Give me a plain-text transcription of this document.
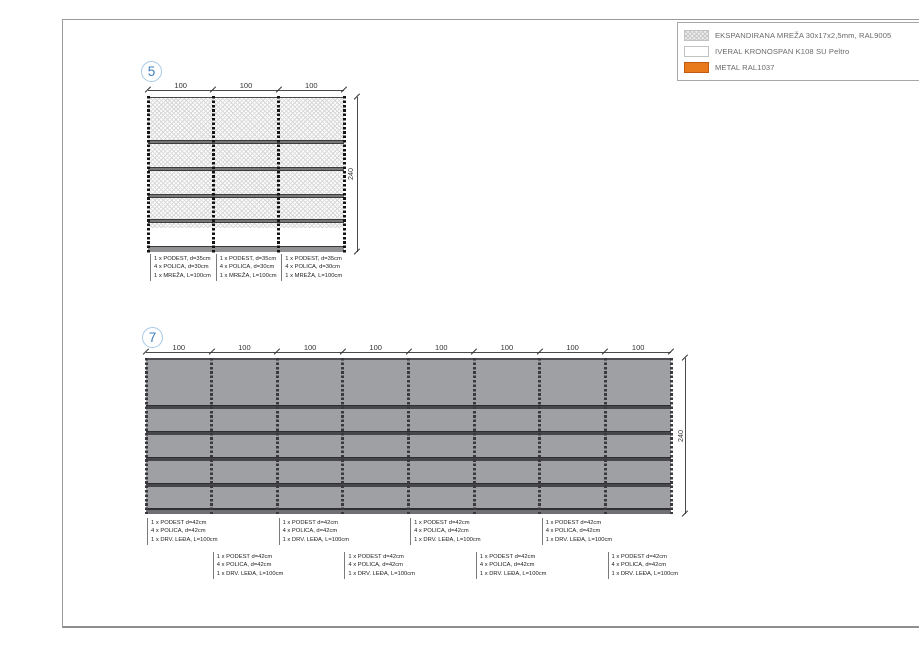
EKSPANDIRANA MREŽA 30x17x2,5mm, RAL9005
IVERAL KRONOSPAN K108 SU Peltro
METAL RAL1037
5
100	100	100
240
1 x PODEST, d=35cm
4 x POLICA, d=30cm
1 x MREŽA, L=100cm
1 x PODEST, d=35cm
4 x POLICA, d=30cm
1 x MREŽA, L=100cm
1 x PODEST, d=35cm
4 x POLICA, d=30cm
1 x MREŽA, L=100cm
7
100	100	100	100	100	100	100	100
240
1 x PODEST d=42cm
4 x POLICA, d=42cm
1 x DRV. LEĐA, L=100cm
1 x PODEST d=42cm
4 x POLICA, d=42cm
1 x DRV. LEĐA, L=100cm
1 x PODEST d=42cm
4 x POLICA, d=42cm
1 x DRV. LEĐA, L=100cm
1 x PODEST d=42cm
4 x POLICA, d=42cm
1 x DRV. LEĐA, L=100cm
1 x PODEST d=42cm
4 x POLICA, d=42cm
1 x DRV. LEĐA, L=100cm
1 x PODEST d=42cm
4 x POLICA, d=42cm
1 x DRV. LEĐA, L=100cm
1 x PODEST d=42cm
4 x POLICA, d=42cm
1 x DRV. LEĐA, L=100cm
1 x PODEST d=42cm
4 x POLICA, d=42cm
1 x DRV. LEĐA, L=100cm
